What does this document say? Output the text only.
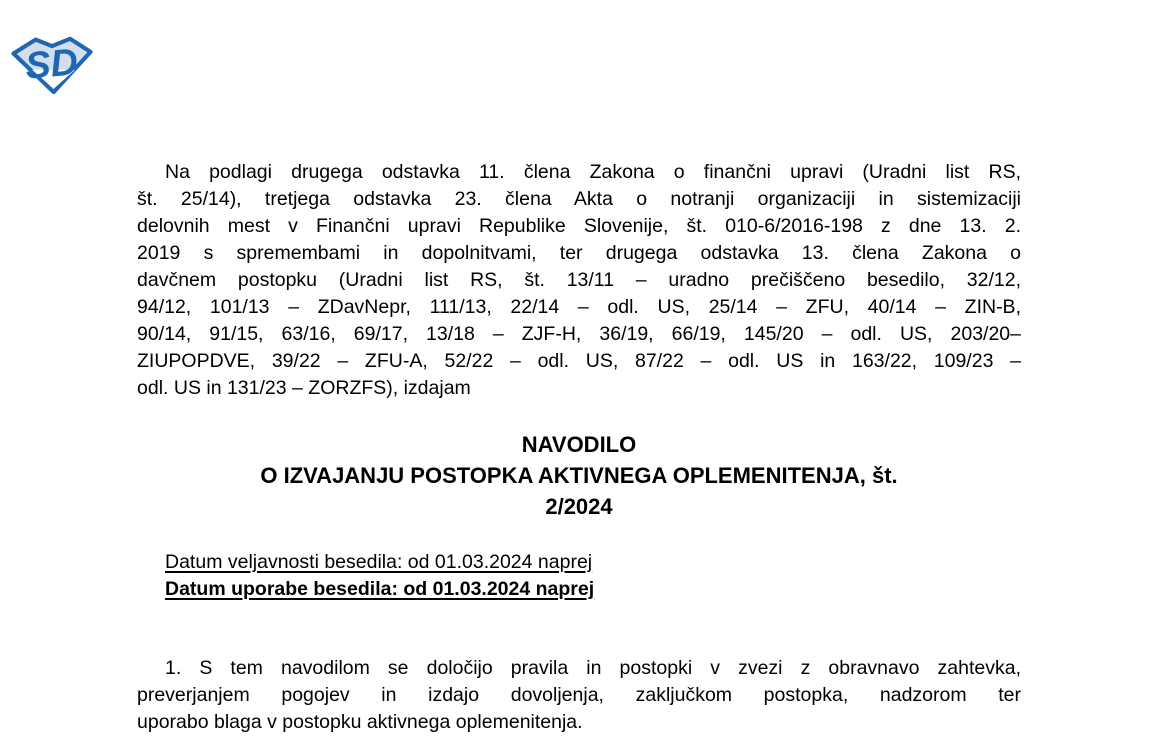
SD
Na podlagi drugega odstavka 11. člena Zakona o finančni upravi (Uradni list RS,
št. 25/14), tretjega odstavka 23. člena Akta o notranji organizaciji in sistemizaciji
delovnih mest v Finančni upravi Republike Slovenije, št. 010-6/2016-198 z dne 13. 2.
2019 s spremembami in dopolnitvami, ter drugega odstavka 13. člena Zakona o
davčnem postopku (Uradni list RS, št. 13/11 – uradno prečiščeno besedilo, 32/12,
94/12, 101/13 – ZDavNepr, 111/13, 22/14 – odl. US, 25/14 – ZFU, 40/14 – ZIN-B,
90/14, 91/15, 63/16, 69/17, 13/18 – ZJF-H, 36/19, 66/19, 145/20 – odl. US, 203/20–
ZIUPOPDVE, 39/22 – ZFU-A, 52/22 – odl. US, 87/22 – odl. US in 163/22, 109/23 –
odl. US in 131/23 – ZORZFS), izdajam
NAVODILO
O IZVAJANJU POSTOPKA AKTIVNEGA OPLEMENITENJA, št.
2/2024
Datum veljavnosti besedila: od 01.03.2024 naprej
Datum uporabe besedila: od 01.03.2024 naprej
1. S tem navodilom se določijo pravila in postopki v zvezi z obravnavo zahtevka,
preverjanjem pogojev in izdajo dovoljenja, zaključkom postopka, nadzorom ter
uporabo blaga v postopku aktivnega oplemenitenja.
